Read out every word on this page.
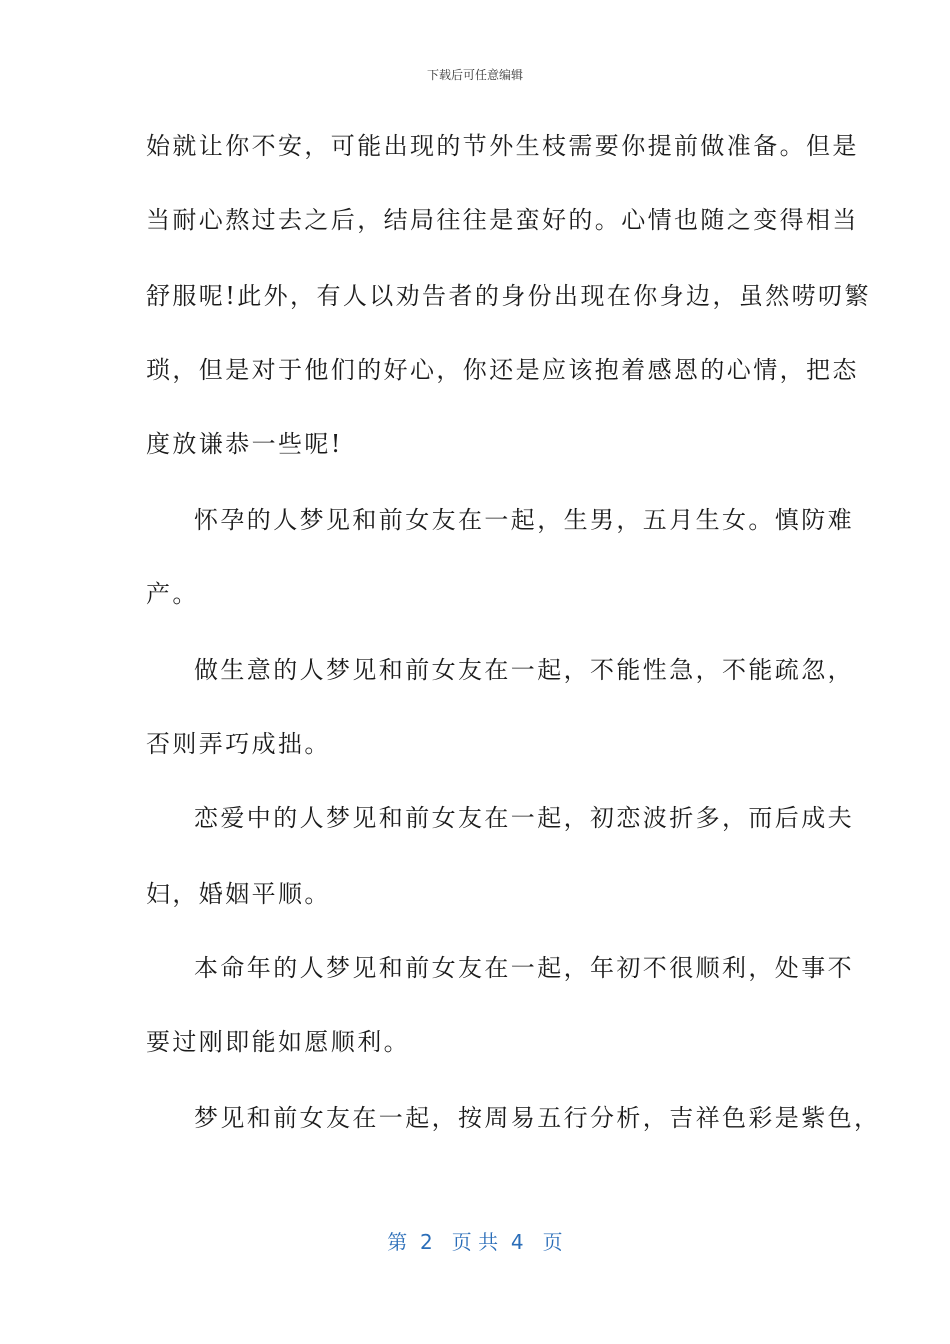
下载后可任意编辑
始就让你不安，可能出现的节外生枝需要你提前做准备。但是
当耐心熬过去之后，结局往往是蛮好的。心情也随之变得相当
舒服呢!此外，有人以劝告者的身份出现在你身边，虽然唠叨繁
琐，但是对于他们的好心，你还是应该抱着感恩的心情，把态
度放谦恭一些呢!
怀孕的人梦见和前女友在一起，生男，五月生女。慎防难
产。
做生意的人梦见和前女友在一起，不能性急，不能疏忽，
否则弄巧成拙。
恋爱中的人梦见和前女友在一起，初恋波折多，而后成夫
妇，婚姻平顺。
本命年的人梦见和前女友在一起，年初不很顺利，处事不
要过刚即能如愿顺利。
梦见和前女友在一起，按周易五行分析，吉祥色彩是紫色，
第  2   页 共  4   页
